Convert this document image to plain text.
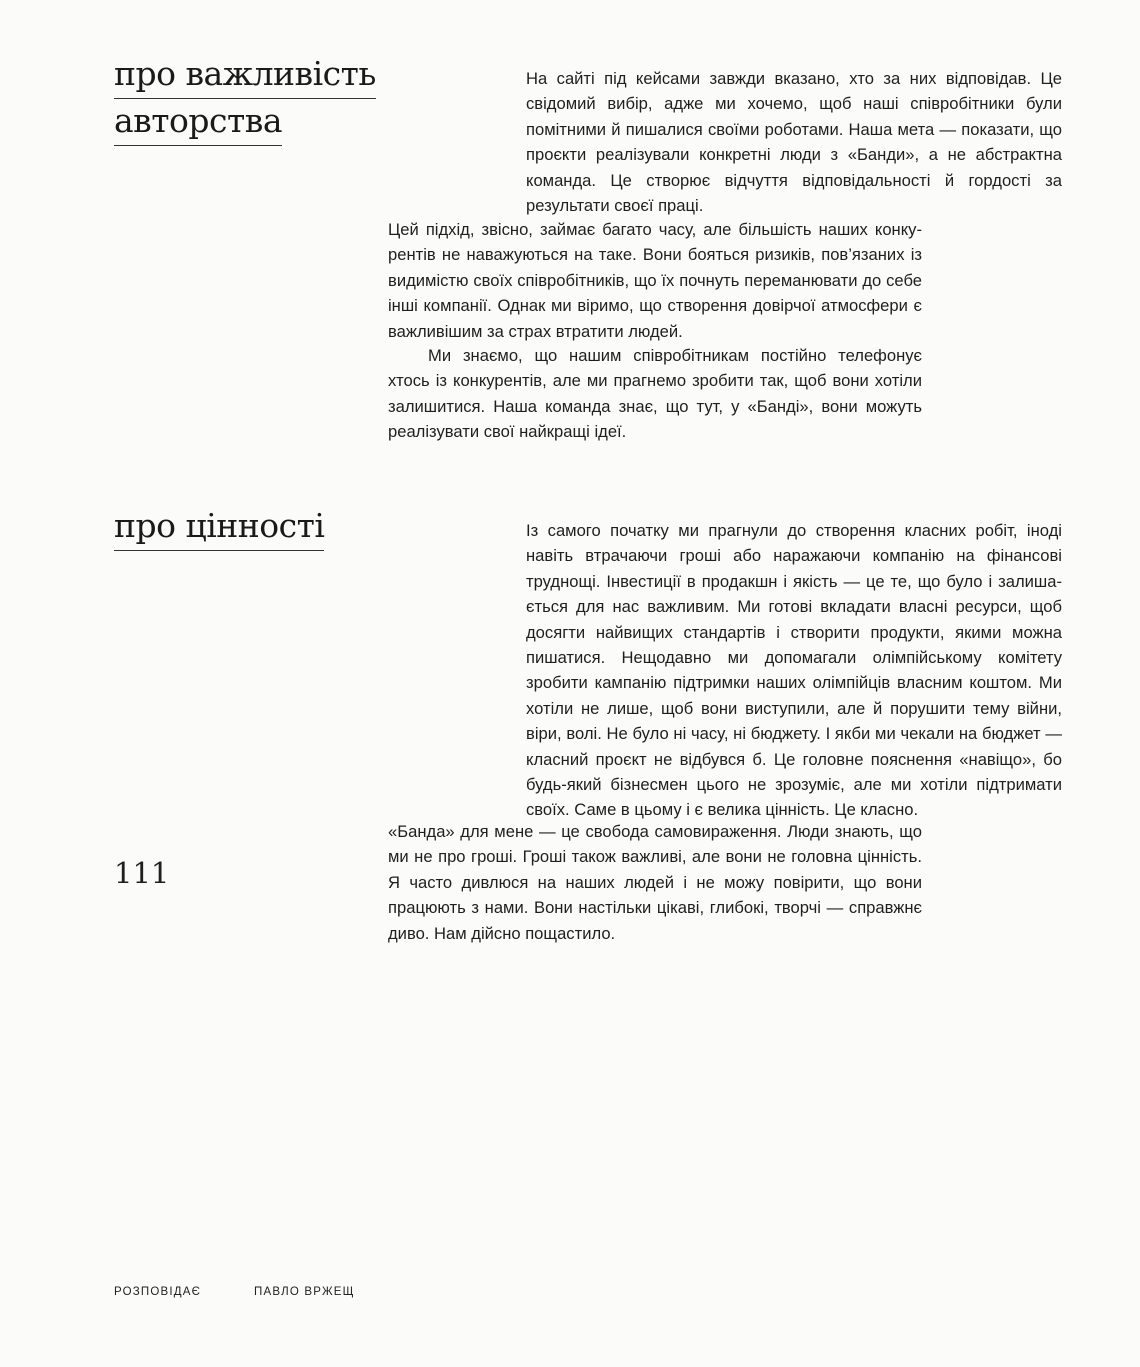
про важливість
авторства

На сайті під кейсами завжди вказано, хто за них відповідав. Це свідомий вибір, адже ми хочемо, щоб наші співробітники були помітними й пишалися своїми роботами. Наша мета — показати, що проєкти реалізували конкретні люди з «Банди», а не абстрактна команда. Це створює відчуття відповідальності й гордості за результати своєї праці.

Цей підхід, звісно, займає багато часу, але більшість наших конкурентів не наважуються на таке. Вони бояться ризиків, пов’язаних із видимістю своїх співробітників, що їх почнуть переманювати до себе інші компанії. Однак ми віримо, що створення довірчої атмосфери є важливішим за страх втратити людей.

Ми знаємо, що нашим співробітникам постійно телефонує хтось із конкурентів, але ми прагнемо зробити так, щоб вони хотіли залишитися. Наша команда знає, що тут, у «Банді», вони можуть реалізувати свої найкращі ідеї.

про цінності	Із самого початку ми прагнули до створення класних робіт, іноді навіть втрачаючи гроші або наражаючи компанію на фінансові труднощі. Інвестиції в продакшн і якість — це те, що було і залишається для нас важливим. Ми готові вкладати власні ресурси, щоб досягти найвищих стандартів і створити продукти, якими можна пишатися. Нещодавно ми допомагали олімпійському комітету зробити кампанію підтримки наших олімпійців власним коштом. Ми хотіли не лише, щоб вони виступили, але й порушити тему війни, віри, волі. Не було ні часу, ні бюджету. І якби ми чекали на бюджет — класний проєкт не відбувся б. Це головне пояснення «навіщо», бо будь-який бізнесмен цього не зрозуміє, але ми хотіли підтримати своїх. Саме в цьому і є велика цінність. Це класно.

«Банда» для мене — це свобода самовираження. Люди знають, що ми не про гроші. Гроші також важливі, але вони не головна цінність. Я часто дивлюся на наших людей і не можу повірити, що вони працюють з нами. Вони настільки цікаві, глибокі, творчі — справжнє диво. Нам дійсно пощастило.

111

РОЗПОВІДАЄ	ПАВЛО ВРЖЕЩ
